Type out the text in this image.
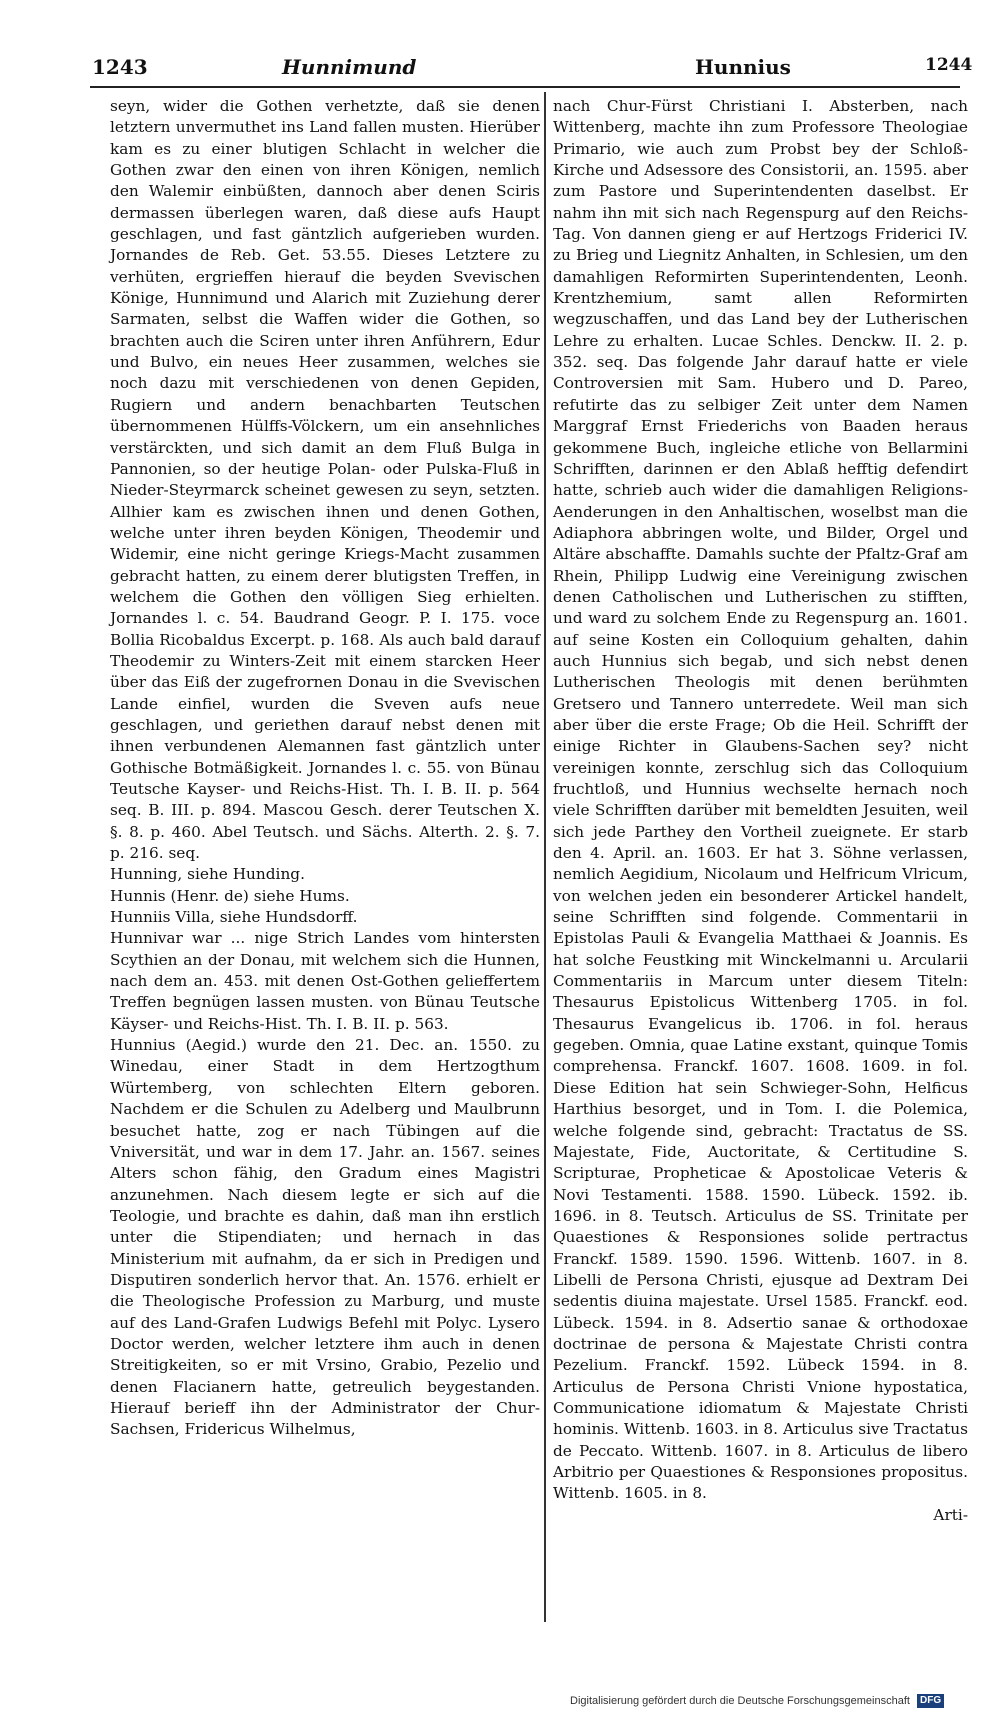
1243	Hunnimund	Hunnius	1244

seyn, wider die Gothen verhetzte, daß sie denen letztern unvermuthet ins Land fallen musten. Hierüber kam es zu einer blutigen Schlacht in welcher die Gothen zwar den einen von ihren Königen, nemlich den Walemir einbüßten, dannoch aber denen Sciris dermassen überlegen waren, daß diese aufs Haupt geschlagen, und fast gäntzlich aufgerieben wurden. Jornandes de Reb. Get. 53.55. Dieses Letztere zu verhüten, ergrieffen hierauf die beyden Svevischen Könige, Hunnimund und Alarich mit Zuziehung derer Sarmaten, selbst die Waffen wider die Gothen, so brachten auch die Sciren unter ihren Anführern, Edur und Bulvo, ein neues Heer zusammen, welches sie noch dazu mit verschiedenen von denen Gepiden, Rugiern und andern benachbarten Teutschen übernommenen Hülffs-Völckern, um ein ansehnliches verstärckten, und sich damit an dem Fluß Bulga in Pannonien, so der heutige Polan- oder Pulska-Fluß in Nieder-Steyrmarck scheinet gewesen zu seyn, setzten. Allhier kam es zwischen ihnen und denen Gothen, welche unter ihren beyden Königen, Theodemir und Widemir, eine nicht geringe Kriegs-Macht zusammen gebracht hatten, zu einem derer blutigsten Treffen, in welchem die Gothen den völligen Sieg erhielten. Jornandes l. c. 54. Baudrand Geogr. P. I. 175. voce Bollia Ricobaldus Excerpt. p. 168. Als auch bald darauf Theodemir zu Winters-Zeit mit einem starcken Heer über das Eiß der zugefrornen Donau in die Svevischen Lande einfiel, wurden die Sveven aufs neue geschlagen, und geriethen darauf nebst denen mit ihnen verbundenen Alemannen fast gäntzlich unter Gothische Botmäßigkeit. Jornandes l. c. 55. von Bünau Teutsche Kayser- und Reichs-Hist. Th. I. B. II. p. 564 seq. B. III. p. 894. Mascou Gesch. derer Teutschen X. §. 8. p. 460. Abel Teutsch. und Sächs. Alterth. 2. §. 7. p. 216. seq.

Hunning, siehe Hunding.

Hunnis (Henr. de) siehe Hums.

Hunniis Villa, siehe Hundsdorff.

Hunnivar war ... nige Strich Landes vom hintersten Scythien an der Donau, mit welchem sich die Hunnen, nach dem an. 453. mit denen Ost-Gothen gelieffertem Treffen begnügen lassen musten. von Bünau Teutsche Käyser- und Reichs-Hist. Th. I. B. II. p. 563.

Hunnius (Aegid.) wurde den 21. Dec. an. 1550. zu Winedau, einer Stadt in dem Hertzogthum Würtemberg, von schlechten Eltern geboren. Nachdem er die Schulen zu Adelberg und Maulbrunn besuchet hatte, zog er nach Tübingen auf die Vniversität, und war in dem 17. Jahr. an. 1567. seines Alters schon fähig, den Gradum eines Magistri anzunehmen. Nach diesem legte er sich auf die Teologie, und brachte es dahin, daß man ihn erstlich unter die Stipendiaten; und hernach in das Ministerium mit aufnahm, da er sich in Predigen und Disputiren sonderlich hervor that. An. 1576. erhielt er die Theologische Profession zu Marburg, und muste auf des Land-Grafen Ludwigs Befehl mit Polyc. Lysero Doctor werden, welcher letztere ihm auch in denen Streitigkeiten, so er mit Vrsino, Grabio, Pezelio und denen Flacianern hatte, getreulich beygestanden. Hierauf berieff ihn der Administrator der Chur-Sachsen, Fridericus Wilhelmus,

nach Chur-Fürst Christiani I. Absterben, nach Wittenberg, machte ihn zum Professore Theologiae Primario, wie auch zum Probst bey der Schloß-Kirche und Adsessore des Consistorii, an. 1595. aber zum Pastore und Superintendenten daselbst. Er nahm ihn mit sich nach Regenspurg auf den Reichs-Tag. Von dannen gieng er auf Hertzogs Friderici IV. zu Brieg und Liegnitz Anhalten, in Schlesien, um den damahligen Reformirten Superintendenten, Leonh. Krentzhemium, samt allen Reformirten wegzuschaffen, und das Land bey der Lutherischen Lehre zu erhalten. Lucae Schles. Denckw. II. 2. p. 352. seq. Das folgende Jahr darauf hatte er viele Controversien mit Sam. Hubero und D. Pareo, refutirte das zu selbiger Zeit unter dem Namen Marggraf Ernst Friederichs von Baaden heraus gekommene Buch, ingleiche etliche von Bellarmini Schrifften, darinnen er den Ablaß hefftig defendirt hatte, schrieb auch wider die damahligen Religions-Aenderungen in den Anhaltischen, woselbst man die Adiaphora abbringen wolte, und Bilder, Orgel und Altäre abschaffte. Damahls suchte der Pfaltz-Graf am Rhein, Philipp Ludwig eine Vereinigung zwischen denen Catholischen und Lutherischen zu stifften, und ward zu solchem Ende zu Regenspurg an. 1601. auf seine Kosten ein Colloquium gehalten, dahin auch Hunnius sich begab, und sich nebst denen Lutherischen Theologis mit denen berühmten Gretsero und Tannero unterredete. Weil man sich aber über die erste Frage; Ob die Heil. Schrifft der einige Richter in Glaubens-Sachen sey? nicht vereinigen konnte, zerschlug sich das Colloquium fruchtloß, und Hunnius wechselte hernach noch viele Schrifften darüber mit bemeldten Jesuiten, weil sich jede Parthey den Vortheil zueignete. Er starb den 4. April. an. 1603. Er hat 3. Söhne verlassen, nemlich Aegidium, Nicolaum und Helfricum Vlricum, von welchen jeden ein besonderer Artickel handelt, seine Schrifften sind folgende. Commentarii in Epistolas Pauli & Evangelia Matthaei & Joannis. Es hat solche Feustking mit Winckelmanni u. Arcularii Commentariis in Marcum unter diesem Titeln: Thesaurus Epistolicus Wittenberg 1705. in fol. Thesaurus Evangelicus ib. 1706. in fol. heraus gegeben. Omnia, quae Latine exstant, quinque Tomis comprehensa. Franckf. 1607. 1608. 1609. in fol. Diese Edition hat sein Schwieger-Sohn, Helficus Harthius besorget, und in Tom. I. die Polemica, welche folgende sind, gebracht: Tractatus de SS. Majestate, Fide, Auctoritate, & Certitudine S. Scripturae, Propheticae & Apostolicae Veteris & Novi Testamenti. 1588. 1590. Lübeck. 1592. ib. 1696. in 8. Teutsch. Articulus de SS. Trinitate per Quaestiones & Responsiones solide pertractus Franckf. 1589. 1590. 1596. Wittenb. 1607. in 8. Libelli de Persona Christi, ejusque ad Dextram Dei sedentis diuina majestate. Ursel 1585. Franckf. eod. Lübeck. 1594. in 8. Adsertio sanae & orthodoxae doctrinae de persona & Majestate Christi contra Pezelium. Franckf. 1592. Lübeck 1594. in 8. Articulus de Persona Christi Vnione hypostatica, Communicatione idiomatum & Majestate Christi hominis. Wittenb. 1603. in 8. Articulus sive Tractatus de Peccato. Wittenb. 1607. in 8. Articulus de libero Arbitrio per Quaestiones & Responsiones propositus. Wittenb. 1605. in 8.

Arti-

Digitalisierung gefördert durch die Deutsche Forschungsgemeinschaft DFG
